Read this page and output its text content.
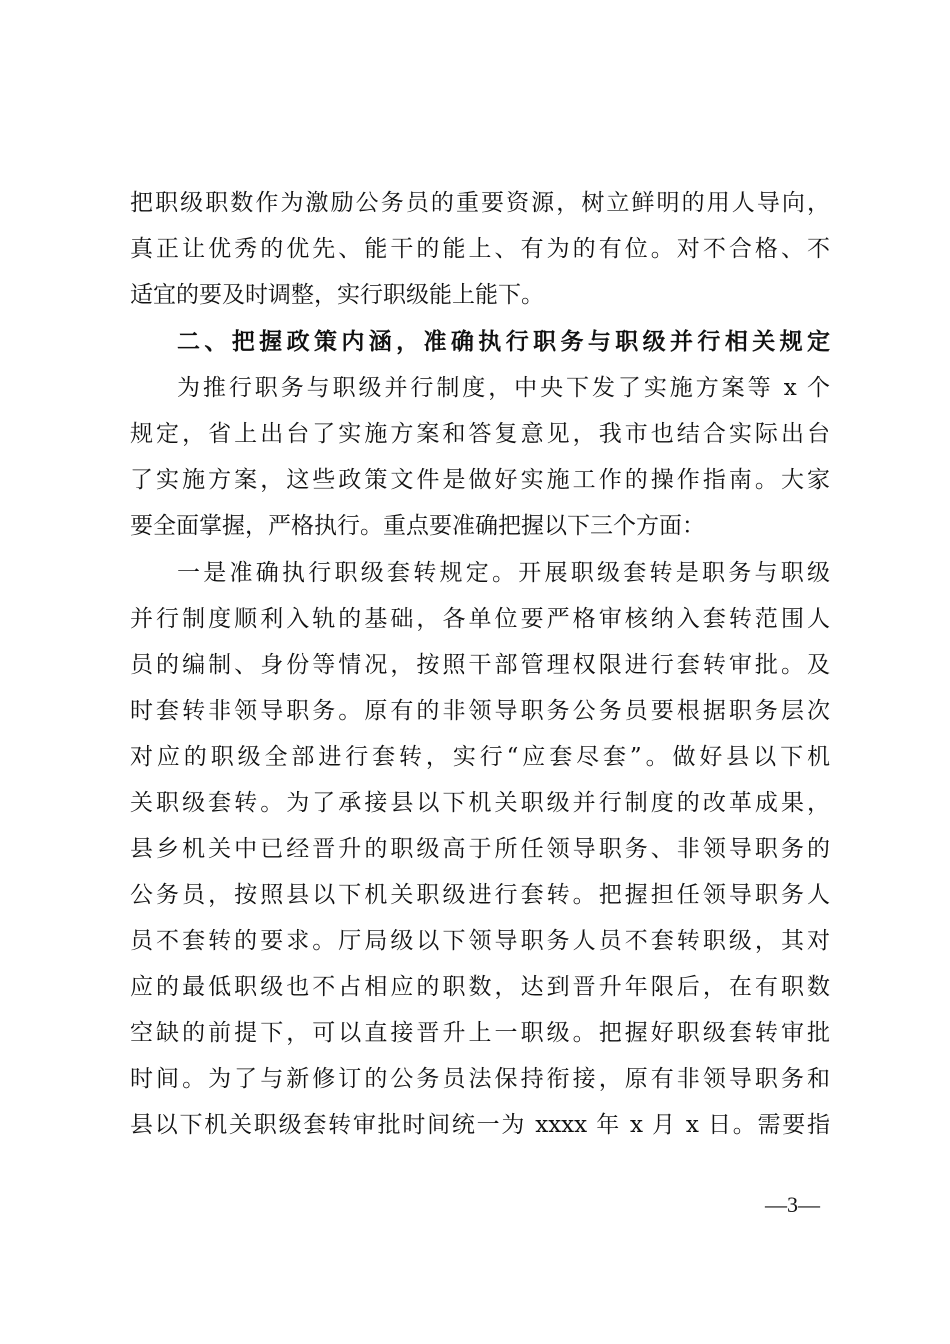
把职级职数作为激励公务员的重要资源，树立鲜明的用人导向，
真正让优秀的优先、能干的能上、有为的有位。对不合格、不
适宜的要及时调整，实行职级能上能下。
二、把握政策内涵，准确执行职务与职级并行相关规定
为推行职务与职级并行制度，中央下发了实施方案等 x 个
规定，省上出台了实施方案和答复意见，我市也结合实际出台
了实施方案，这些政策文件是做好实施工作的操作指南。大家
要全面掌握，严格执行。重点要准确把握以下三个方面：
一是准确执行职级套转规定。开展职级套转是职务与职级
并行制度顺利入轨的基础，各单位要严格审核纳入套转范围人
员的编制、身份等情况，按照干部管理权限进行套转审批。及
时套转非领导职务。原有的非领导职务公务员要根据职务层次
对应的职级全部进行套转，实行“应套尽套”。做好县以下机
关职级套转。为了承接县以下机关职级并行制度的改革成果，
县乡机关中已经晋升的职级高于所任领导职务、非领导职务的
公务员，按照县以下机关职级进行套转。把握担任领导职务人
员不套转的要求。厅局级以下领导职务人员不套转职级，其对
应的最低职级也不占相应的职数，达到晋升年限后，在有职数
空缺的前提下，可以直接晋升上一职级。把握好职级套转审批
时间。为了与新修订的公务员法保持衔接，原有非领导职务和
县以下机关职级套转审批时间统一为 xxxx 年 x 月 x 日。需要指
—3—
